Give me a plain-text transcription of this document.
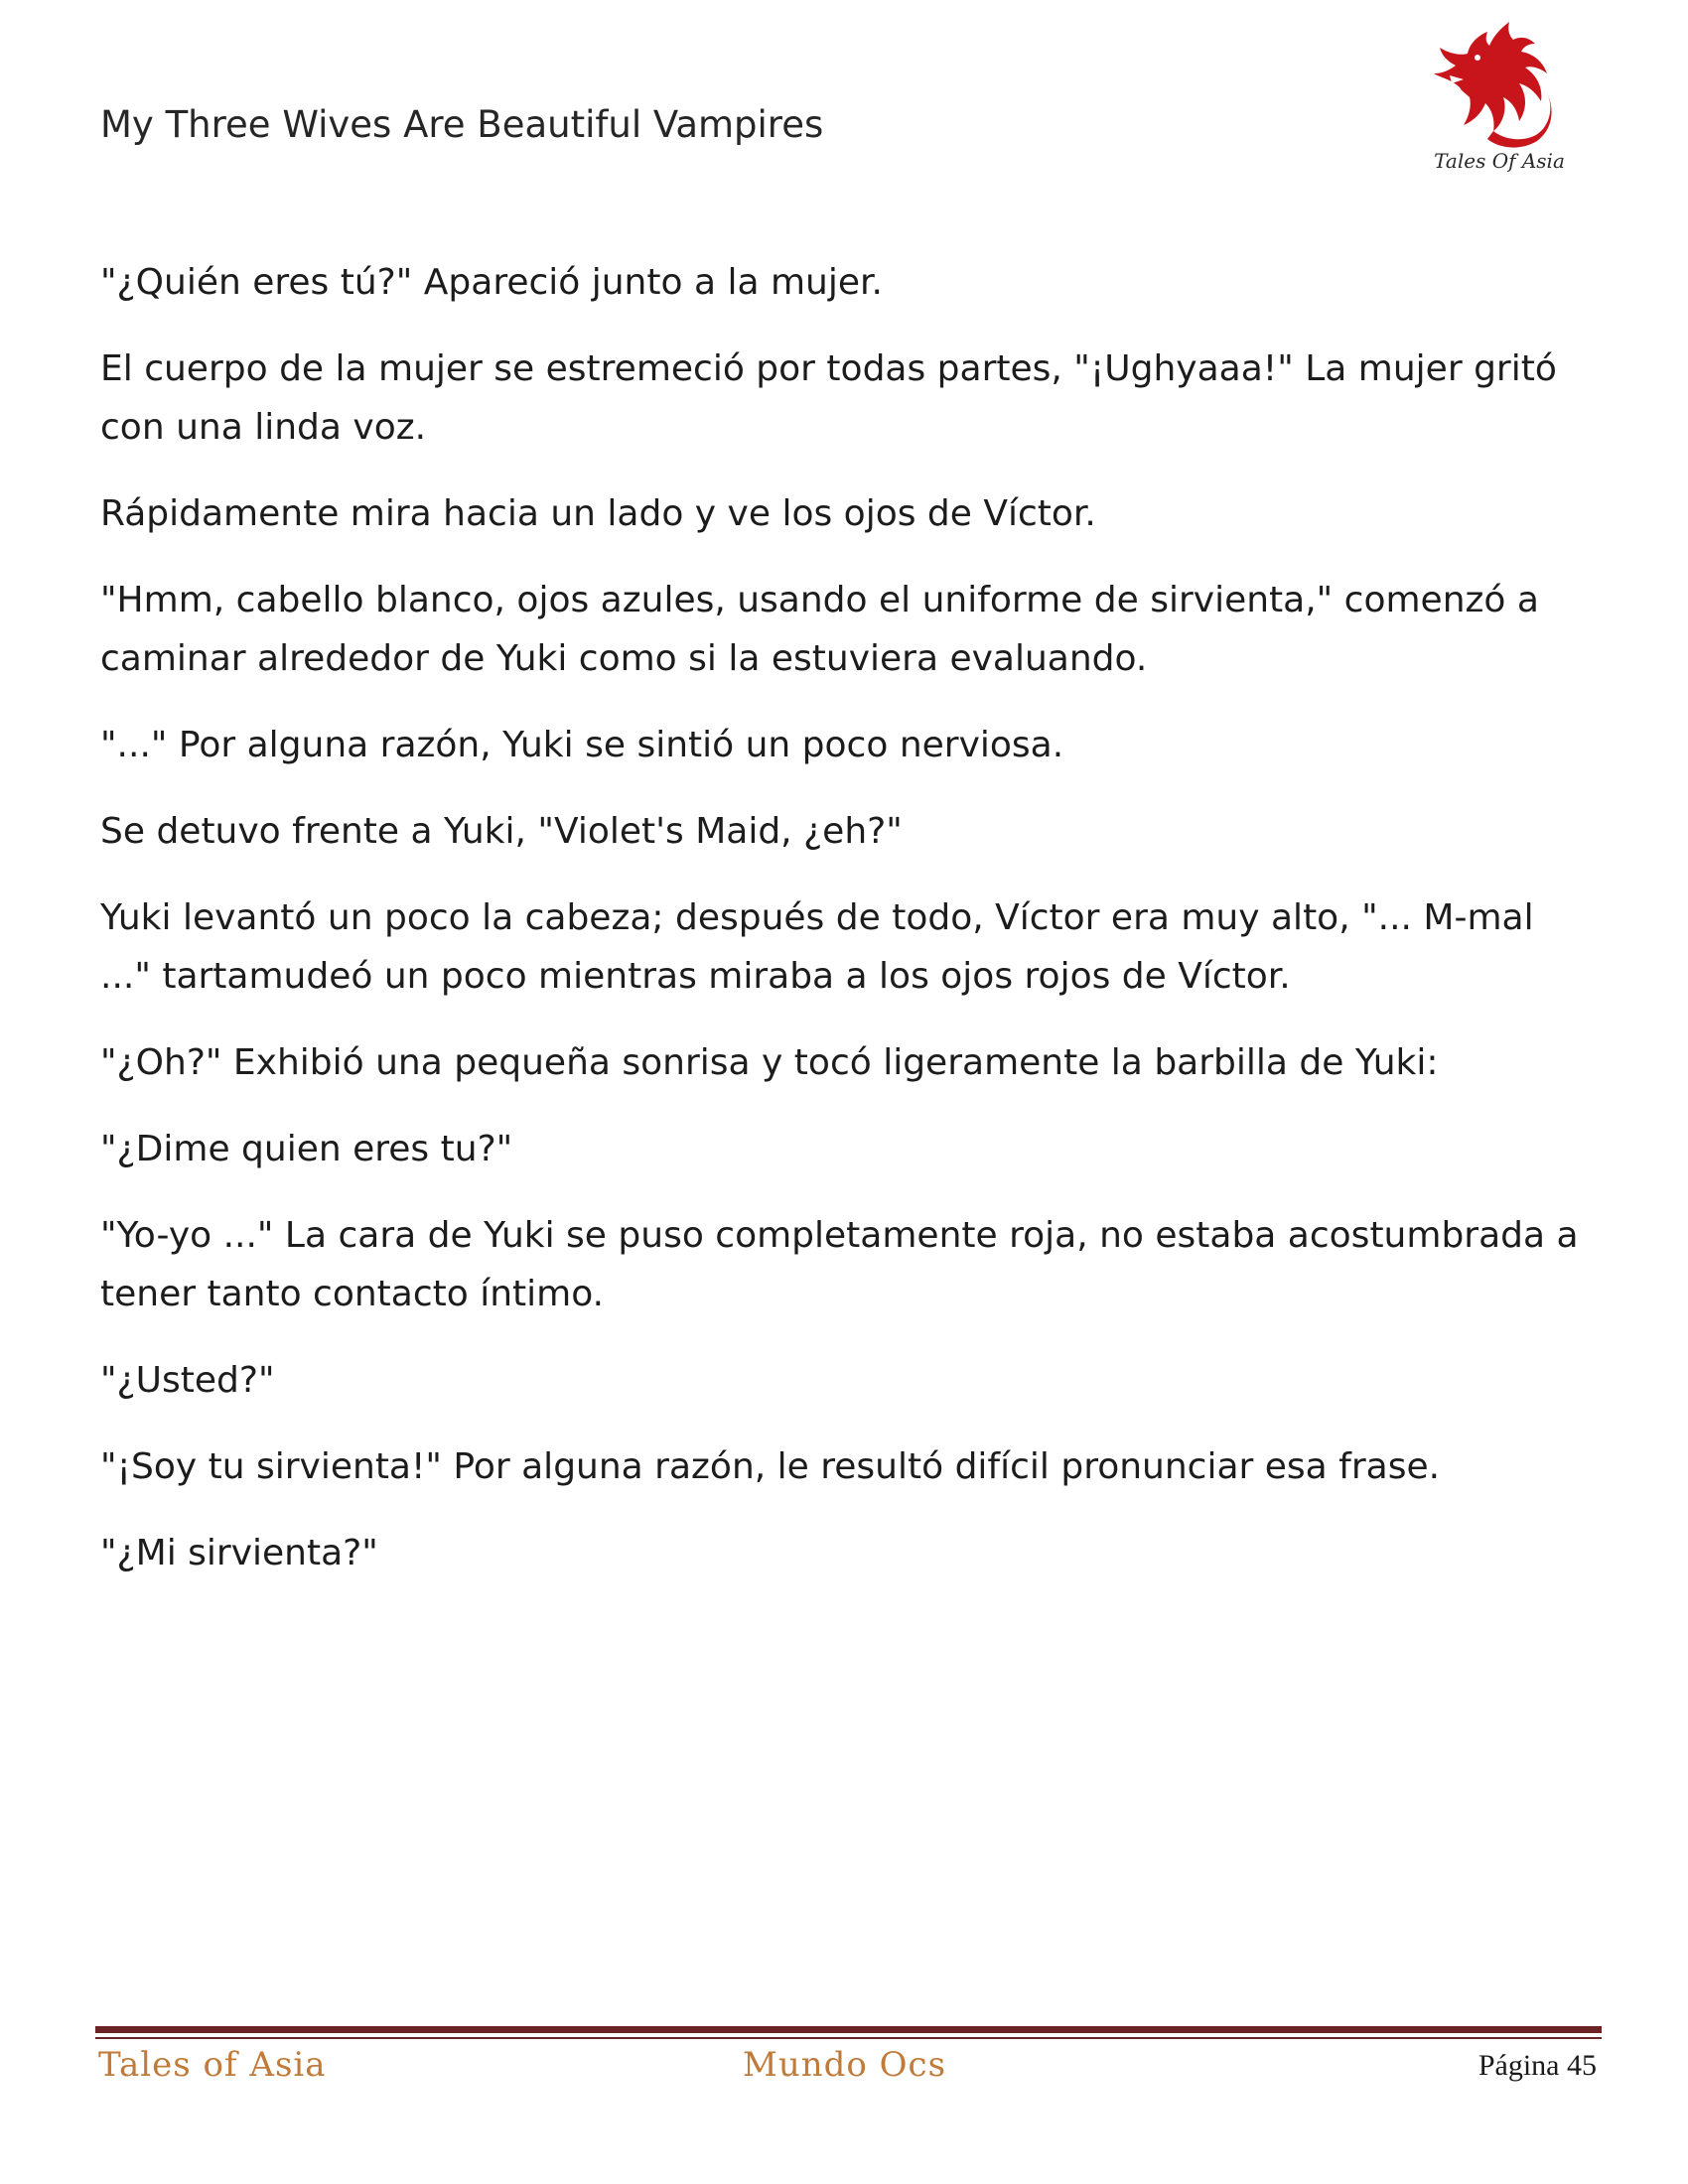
My Three Wives Are Beautiful Vampires
Tales Of Asia

"¿Quién eres tú?" Apareció junto a la mujer.

El cuerpo de la mujer se estremeció por todas partes, "¡Ughyaaa!" La mujer gritó con una linda voz.

Rápidamente mira hacia un lado y ve los ojos de Víctor.

"Hmm, cabello blanco, ojos azules, usando el uniforme de sirvienta," comenzó a caminar alrededor de Yuki como si la estuviera evaluando.

"..." Por alguna razón, Yuki se sintió un poco nerviosa.

Se detuvo frente a Yuki, "Violet's Maid, ¿eh?"

Yuki levantó un poco la cabeza; después de todo, Víctor era muy alto, "... M-mal ..." tartamudeó un poco mientras miraba a los ojos rojos de Víctor.

"¿Oh?" Exhibió una pequeña sonrisa y tocó ligeramente la barbilla de Yuki:

"¿Dime quien eres tu?"

"Yo-yo ..." La cara de Yuki se puso completamente roja, no estaba acostumbrada a tener tanto contacto íntimo.

"¿Usted?"

"¡Soy tu sirvienta!" Por alguna razón, le resultó difícil pronunciar esa frase.

"¿Mi sirvienta?"

Tales of Asia	Mundo Ocs	Página 45
